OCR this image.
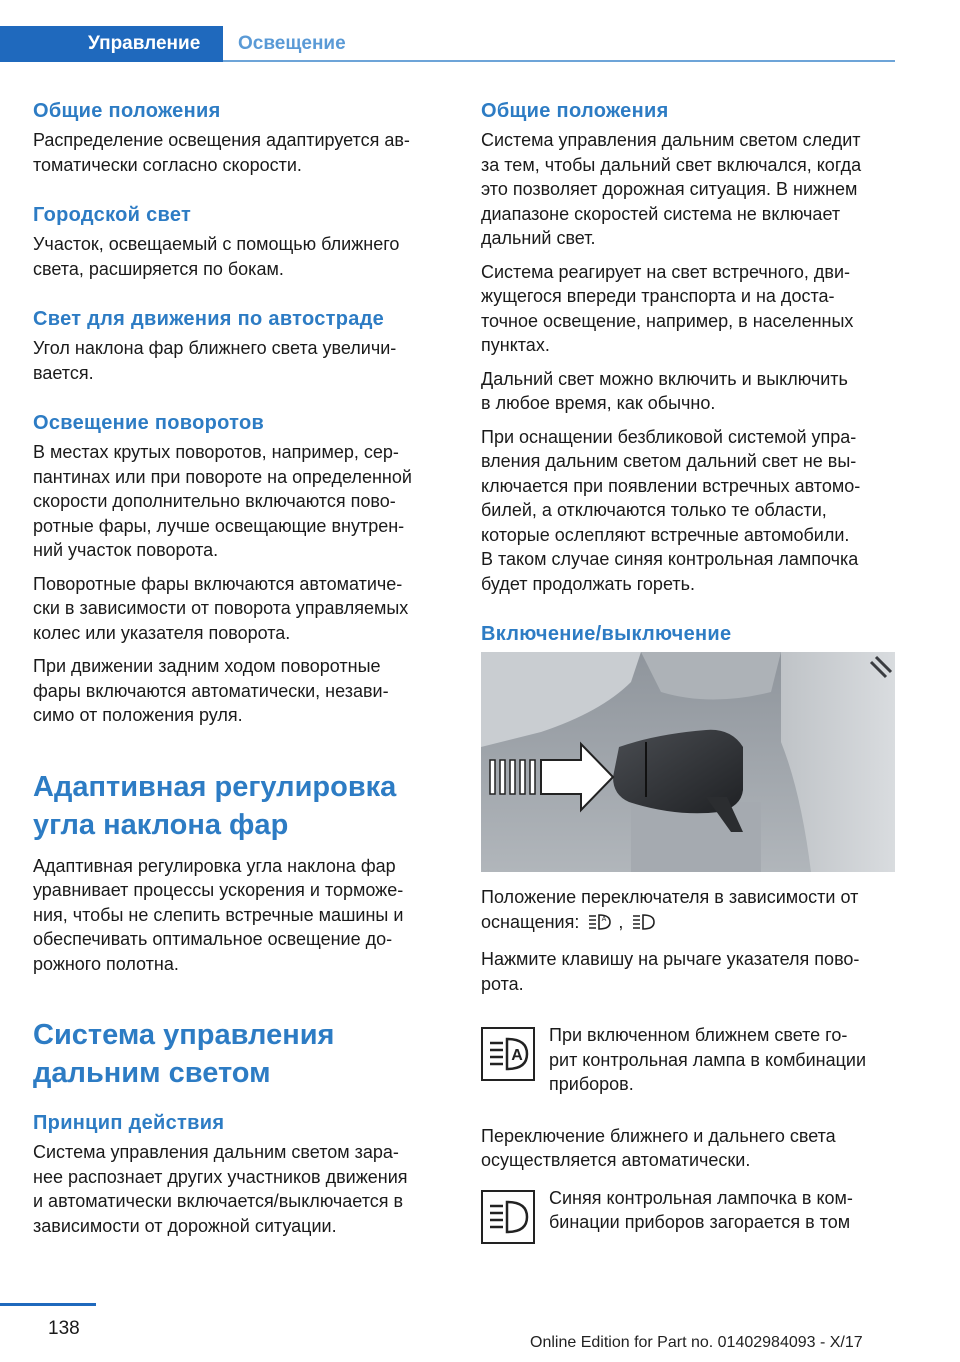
Управление	Освещение
Общие положения

Распределение освещения адаптируется ав-
томатически согласно скорости.

Городской свет

Участок, освещаемый с помощью ближнего
света, расширяется по бокам.

Свет для движения по автостраде

Угол наклона фар ближнего света увеличи-
вается.

Освещение поворотов

В местах крутых поворотов, например, сер-
пантинах или при повороте на определенной
скорости дополнительно включаются пово-
ротные фары, лучше освещающие внутрен-
ний участок поворота.

Поворотные фары включаются автоматиче-
ски в зависимости от поворота управляемых
колес или указателя поворота.

При движении задним ходом поворотные
фары включаются автоматически, незави-
симо от положения руля.

Адаптивная регулировка
угла наклона фар

Адаптивная регулировка угла наклона фар
уравнивает процессы ускорения и торможе-
ния, чтобы не слепить встречные машины и
обеспечивать оптимальное освещение до-
рожного полотна.

Система управления
дальним светом
Принцип действия

Система управления дальним светом зара-
нее распознает других участников движения
и автоматически включается/выключается в
зависимости от дорожной ситуации.

Общие положения

Система управления дальним светом следит
за тем, чтобы дальний свет включался, когда
это позволяет дорожная ситуация. В нижнем
диапазоне скоростей система не включает
дальний свет.

Система реагирует на свет встречного, дви-
жущегося впереди транспорта и на доста-
точное освещение, например, в населенных
пунктах.

Дальний свет можно включить и выключить
в любое время, как обычно.

При оснащении безбликовой системой упра-
вления дальним светом дальний свет не вы-
ключается при появлении встречных автомо-
билей, а отключаются только те области,
которые ослепляют встречные автомобили.
В таком случае синяя контрольная лампочка
будет продолжать гореть.

Включение/выключение

Положение переключателя в зависимости от
оснащения:	A ,

Нажмите клавишу на рычаге указателя пово-
рота.

A

При включенном ближнем свете го-
рит контрольная лампа в комбинации
приборов.

Переключение ближнего и дальнего света
осуществляется автоматически.

Синяя контрольная лампочка в ком-
бинации приборов загорается в том

138
Online Edition for Part no. 01402984093 - X/17
